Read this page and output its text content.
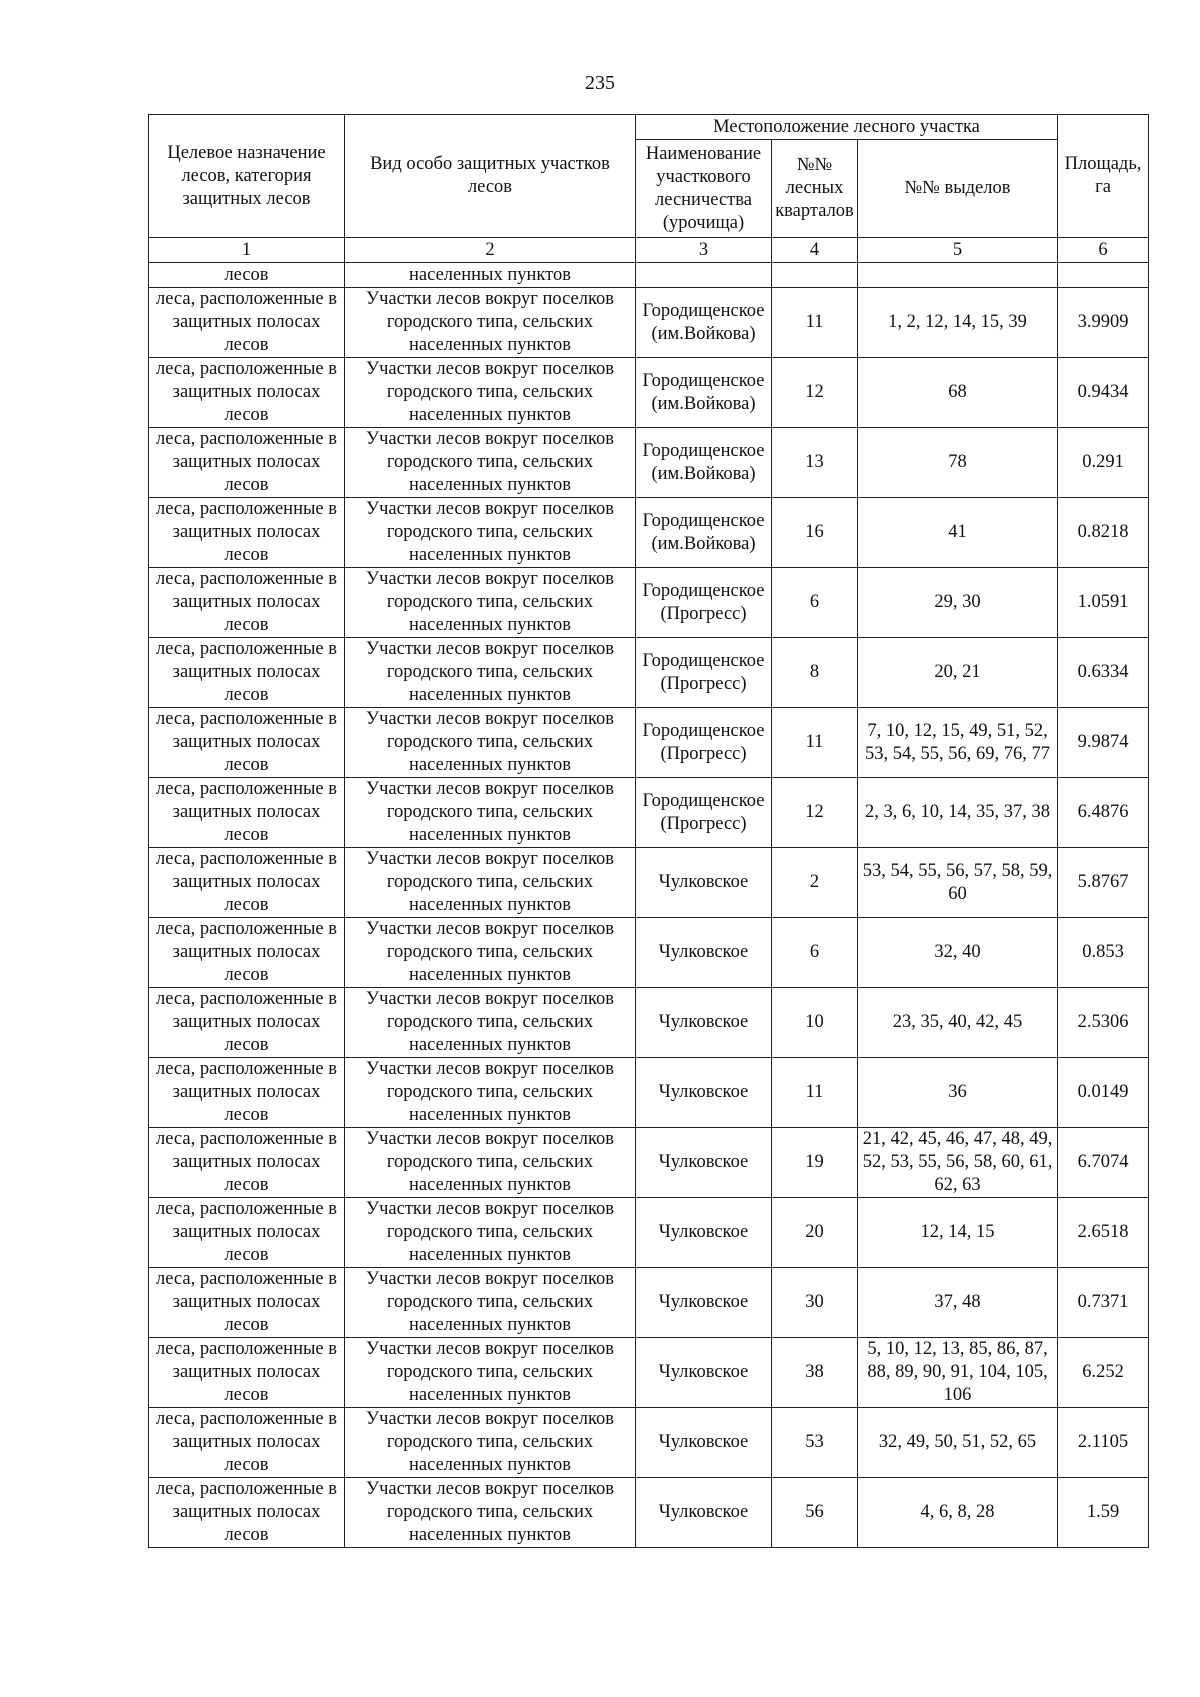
235
Целевое назначение лесов, категория защитных лесов	Вид особо защитных участков лесов	Местоположение лесного участка			Площадь, га
		Наименование участкового лесничества (урочища)	№№ лесных кварталов	№№ выделов	
1	2	3	4	5	6
лесов	населенных пунктов				
леса, расположенные в защитных полосах лесов	Участки лесов вокруг поселков городского типа, сельских населенных пунктов	Городищенское (им.Войкова)	11	1, 2, 12, 14, 15, 39	3.9909
леса, расположенные в защитных полосах лесов	Участки лесов вокруг поселков городского типа, сельских населенных пунктов	Городищенское (им.Войкова)	12	68	0.9434
леса, расположенные в защитных полосах лесов	Участки лесов вокруг поселков городского типа, сельских населенных пунктов	Городищенское (им.Войкова)	13	78	0.291
леса, расположенные в защитных полосах лесов	Участки лесов вокруг поселков городского типа, сельских населенных пунктов	Городищенское (им.Войкова)	16	41	0.8218
леса, расположенные в защитных полосах лесов	Участки лесов вокруг поселков городского типа, сельских населенных пунктов	Городищенское (Прогресс)	6	29, 30	1.0591
леса, расположенные в защитных полосах лесов	Участки лесов вокруг поселков городского типа, сельских населенных пунктов	Городищенское (Прогресс)	8	20, 21	0.6334
леса, расположенные в защитных полосах лесов	Участки лесов вокруг поселков городского типа, сельских населенных пунктов	Городищенское (Прогресс)	11	7, 10, 12, 15, 49, 51, 52, 53, 54, 55, 56, 69, 76, 77	9.9874
леса, расположенные в защитных полосах лесов	Участки лесов вокруг поселков городского типа, сельских населенных пунктов	Городищенское (Прогресс)	12	2, 3, 6, 10, 14, 35, 37, 38	6.4876
леса, расположенные в защитных полосах лесов	Участки лесов вокруг поселков городского типа, сельских населенных пунктов	Чулковское	2	53, 54, 55, 56, 57, 58, 59, 60	5.8767
леса, расположенные в защитных полосах лесов	Участки лесов вокруг поселков городского типа, сельских населенных пунктов	Чулковское	6	32, 40	0.853
леса, расположенные в защитных полосах лесов	Участки лесов вокруг поселков городского типа, сельских населенных пунктов	Чулковское	10	23, 35, 40, 42, 45	2.5306
леса, расположенные в защитных полосах лесов	Участки лесов вокруг поселков городского типа, сельских населенных пунктов	Чулковское	11	36	0.0149
леса, расположенные в защитных полосах лесов	Участки лесов вокруг поселков городского типа, сельских населенных пунктов	Чулковское	19	21, 42, 45, 46, 47, 48, 49, 52, 53, 55, 56, 58, 60, 61, 62, 63	6.7074
леса, расположенные в защитных полосах лесов	Участки лесов вокруг поселков городского типа, сельских населенных пунктов	Чулковское	20	12, 14, 15	2.6518
леса, расположенные в защитных полосах лесов	Участки лесов вокруг поселков городского типа, сельских населенных пунктов	Чулковское	30	37, 48	0.7371
леса, расположенные в защитных полосах лесов	Участки лесов вокруг поселков городского типа, сельских населенных пунктов	Чулковское	38	5, 10, 12, 13, 85, 86, 87, 88, 89, 90, 91, 104, 105, 106	6.252
леса, расположенные в защитных полосах лесов	Участки лесов вокруг поселков городского типа, сельских населенных пунктов	Чулковское	53	32, 49, 50, 51, 52, 65	2.1105
леса, расположенные в защитных полосах лесов	Участки лесов вокруг поселков городского типа, сельских населенных пунктов	Чулковское	56	4, 6, 8, 28	1.59
